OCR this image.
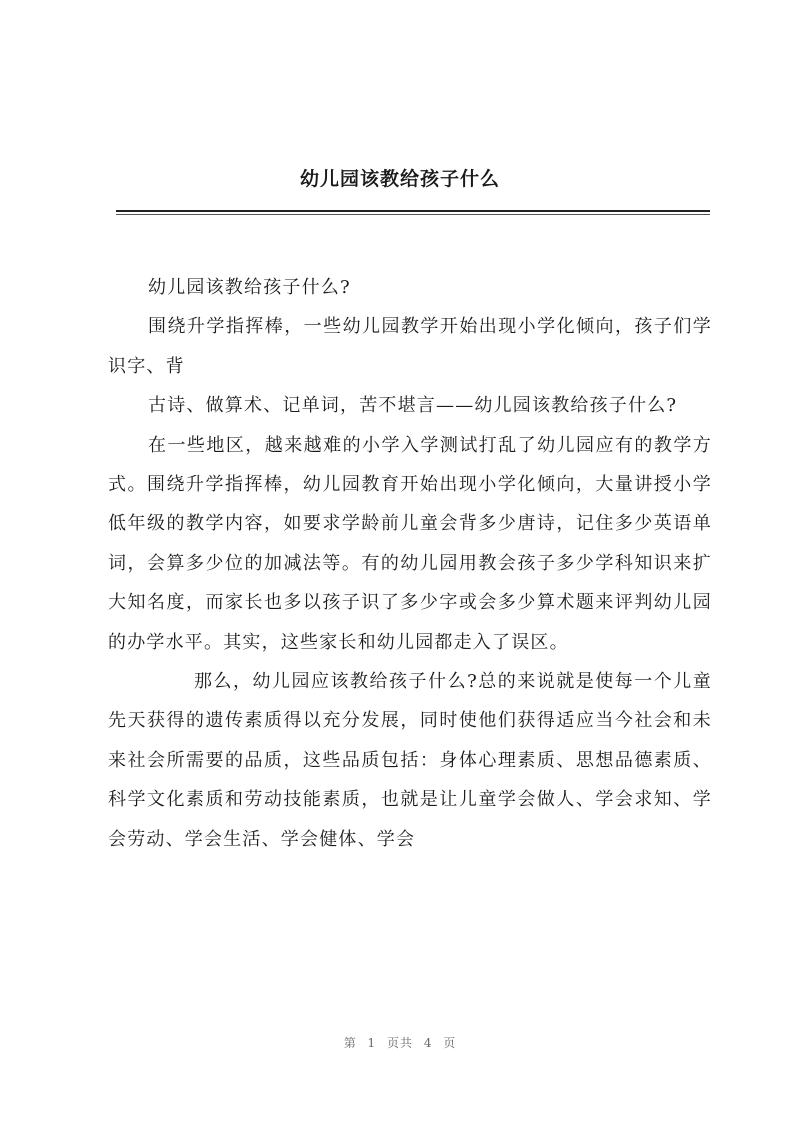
幼儿园该教给孩子什么

幼儿园该教给孩子什么?

围绕升学指挥棒，一些幼儿园教学开始出现小学化倾向，孩子们学识字、背

古诗、做算术、记单词，苦不堪言——幼儿园该教给孩子什么?

在一些地区，越来越难的小学入学测试打乱了幼儿园应有的教学方式。围绕升学指挥棒，幼儿园教育开始出现小学化倾向，大量讲授小学低年级的教学内容，如要求学龄前儿童会背多少唐诗，记住多少英语单词，会算多少位的加减法等。有的幼儿园用教会孩子多少学科知识来扩大知名度，而家长也多以孩子识了多少字或会多少算术题来评判幼儿园的办学水平。其实，这些家长和幼儿园都走入了误区。

那么，幼儿园应该教给孩子什么?总的来说就是使每一个儿童先天获得的遗传素质得以充分发展，同时使他们获得适应当今社会和未来社会所需要的品质，这些品质包括：身体心理素质、思想品德素质、科学文化素质和劳动技能素质，也就是让儿童学会做人、学会求知、学会劳动、学会生活、学会健体、学会

第 1 页共 4 页
